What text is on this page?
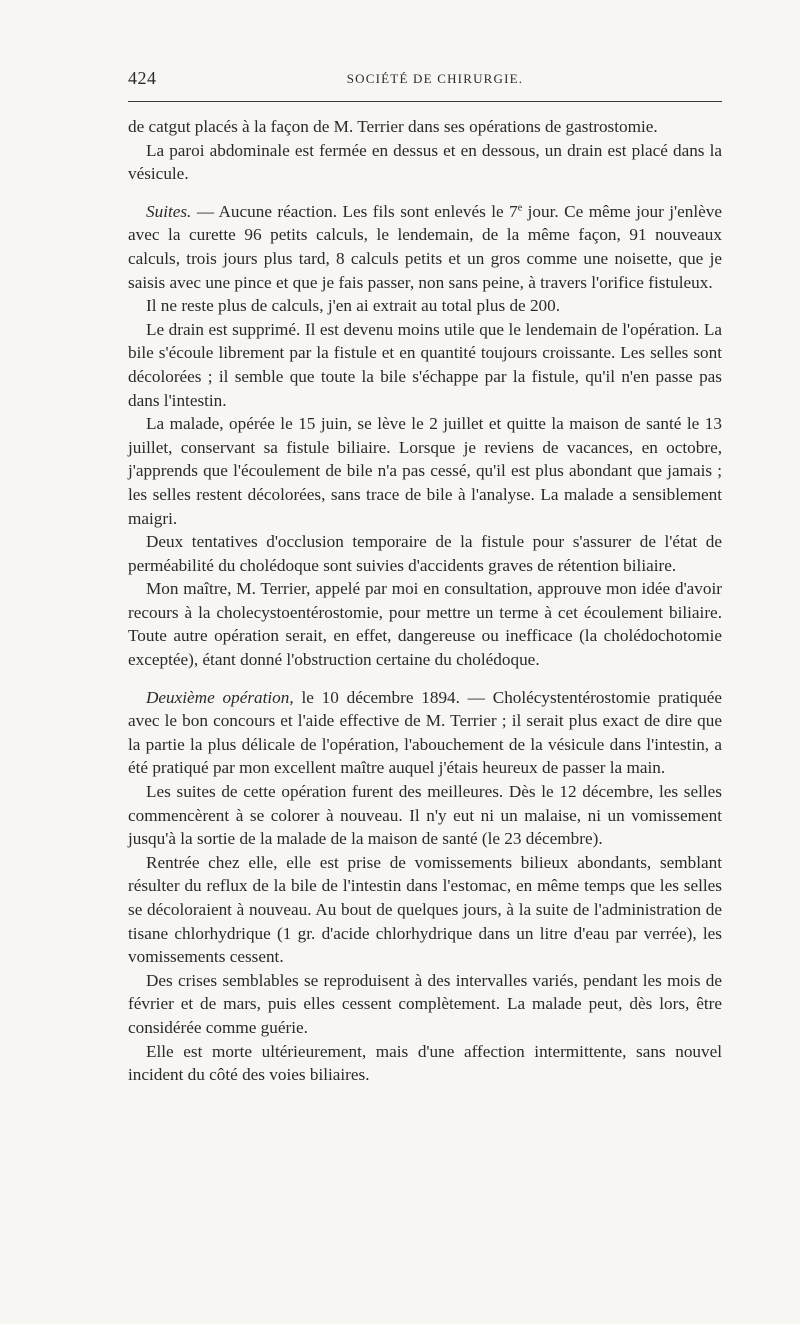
424	SOCIÉTÉ DE CHIRURGIE.

de catgut placés à la façon de M. Terrier dans ses opérations de gastrostomie.

La paroi abdominale est fermée en dessus et en dessous, un drain est placé dans la vésicule.

Suites. — Aucune réaction. Les fils sont enlevés le 7e jour. Ce même jour j'enlève avec la curette 96 petits calculs, le lendemain, de la même façon, 91 nouveaux calculs, trois jours plus tard, 8 calculs petits et un gros comme une noisette, que je saisis avec une pince et que je fais passer, non sans peine, à travers l'orifice fistuleux.

Il ne reste plus de calculs, j'en ai extrait au total plus de 200.

Le drain est supprimé. Il est devenu moins utile que le lendemain de l'opération. La bile s'écoule librement par la fistule et en quantité toujours croissante. Les selles sont décolorées ; il semble que toute la bile s'échappe par la fistule, qu'il n'en passe pas dans l'intestin.

La malade, opérée le 15 juin, se lève le 2 juillet et quitte la maison de santé le 13 juillet, conservant sa fistule biliaire. Lorsque je reviens de vacances, en octobre, j'apprends que l'écoulement de bile n'a pas cessé, qu'il est plus abondant que jamais ; les selles restent décolorées, sans trace de bile à l'analyse. La malade a sensiblement maigri.

Deux tentatives d'occlusion temporaire de la fistule pour s'assurer de l'état de perméabilité du cholédoque sont suivies d'accidents graves de rétention biliaire.

Mon maître, M. Terrier, appelé par moi en consultation, approuve mon idée d'avoir recours à la cholecystoentérostomie, pour mettre un terme à cet écoulement biliaire. Toute autre opération serait, en effet, dangereuse ou inefficace (la cholédochotomie exceptée), étant donné l'obstruction certaine du cholédoque.

Deuxième opération, le 10 décembre 1894. — Cholécystentérostomie pratiquée avec le bon concours et l'aide effective de M. Terrier ; il serait plus exact de dire que la partie la plus délicale de l'opération, l'abouchement de la vésicule dans l'intestin, a été pratiqué par mon excellent maître auquel j'étais heureux de passer la main.

Les suites de cette opération furent des meilleures. Dès le 12 décembre, les selles commencèrent à se colorer à nouveau. Il n'y eut ni un malaise, ni un vomissement jusqu'à la sortie de la malade de la maison de santé (le 23 décembre).

Rentrée chez elle, elle est prise de vomissements bilieux abondants, semblant résulter du reflux de la bile de l'intestin dans l'estomac, en même temps que les selles se décoloraient à nouveau. Au bout de quelques jours, à la suite de l'administration de tisane chlorhydrique (1 gr. d'acide chlorhydrique dans un litre d'eau par verrée), les vomissements cessent.

Des crises semblables se reproduisent à des intervalles variés, pendant les mois de février et de mars, puis elles cessent complètement. La malade peut, dès lors, être considérée comme guérie.

Elle est morte ultérieurement, mais d'une affection intermittente, sans nouvel incident du côté des voies biliaires.
